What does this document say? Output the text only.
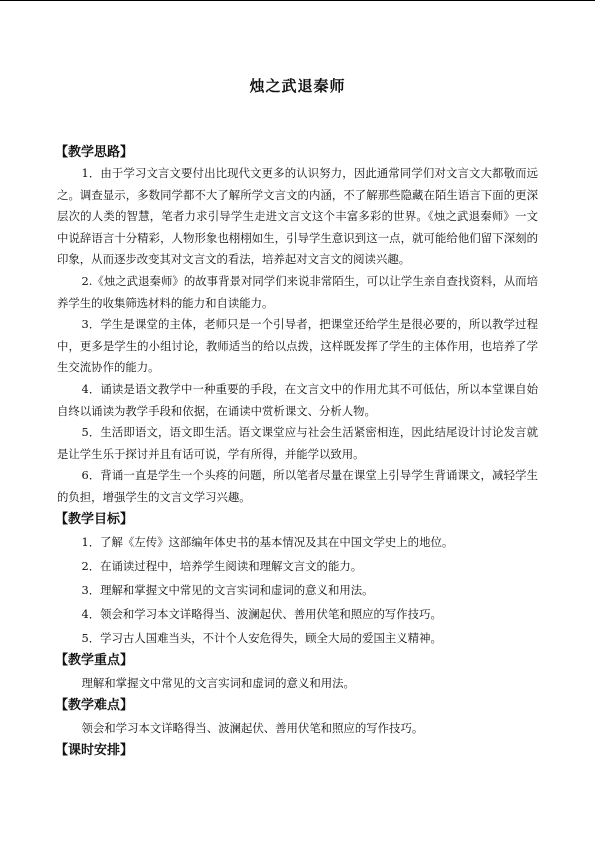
烛之武退秦师
【教学思路】

1．由于学习文言文要付出比现代文更多的认识努力，因此通常同学们对文言文大都敬而远之。调查显示，多数同学都不大了解所学文言文的内涵，不了解那些隐藏在陌生语言下面的更深层次的人类的智慧，笔者力求引导学生走进文言文这个丰富多彩的世界。《烛之武退秦师》一文中说辞语言十分精彩，人物形象也栩栩如生，引导学生意识到这一点，就可能给他们留下深刻的印象，从而逐步改变其对文言文的看法，培养起对文言文的阅读兴趣。

2.《烛之武退秦师》的故事背景对同学们来说非常陌生，可以让学生亲自查找资料，从而培养学生的收集筛选材料的能力和自读能力。

3．学生是课堂的主体，老师只是一个引导者，把课堂还给学生是很必要的，所以教学过程中，更多是学生的小组讨论，教师适当的给以点拨，这样既发挥了学生的主体作用，也培养了学生交流协作的能力。

4．诵读是语文教学中一种重要的手段，在文言文中的作用尤其不可低估，所以本堂课自始自终以诵读为教学手段和依据，在诵读中赏析课文、分析人物。

5．生活即语文，语文即生活。语文课堂应与社会生活紧密相连，因此结尾设计讨论发言就是让学生乐于探讨并且有话可说，学有所得，并能学以致用。

6．背诵一直是学生一个头疼的问题，所以笔者尽量在课堂上引导学生背诵课文，减轻学生的负担，增强学生的文言文学习兴趣。

【教学目标】

1．了解《左传》这部编年体史书的基本情况及其在中国文学史上的地位。

2．在诵读过程中，培养学生阅读和理解文言文的能力。

3．理解和掌握文中常见的文言实词和虚词的意义和用法。

4．领会和学习本文详略得当、波澜起伏、善用伏笔和照应的写作技巧。

5．学习古人国难当头，不计个人安危得失，顾全大局的爱国主义精神。

【教学重点】

理解和掌握文中常见的文言实词和虚词的意义和用法。

【教学难点】

领会和学习本文详略得当、波澜起伏、善用伏笔和照应的写作技巧。

【课时安排】
